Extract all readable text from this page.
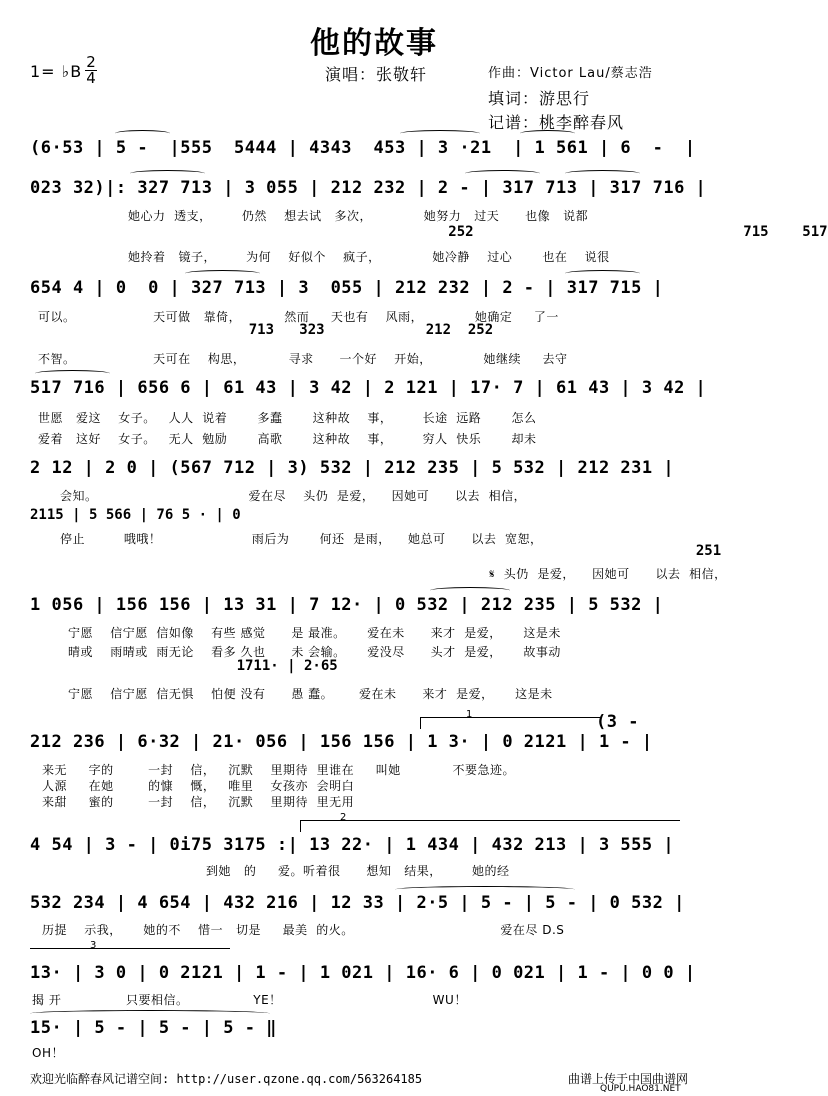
他的故事
1= ♭B 2
4	演唱：张敬轩	作曲：Victor Lau/蔡志浩
填词：游思行
记谱：桃李醉春风
(6·53 | 5 -  |555  5444 | 4343  453 | 3 ·21  | 1 561 | 6  -  |
023 32)|: 327 713 | 3 055 | 212 232 | 2 - | 317 713 | 317 716 |
她心力  透支，       仍然    想去试   多次，            她努力   过天      也像   说都
252                                715    517
她拎着   镜子，       为何    好似个    疯子，            她冷静    过心       也在    说很
654 4 | 0  0 | 327 713 | 3  055 | 212 232 | 2 - | 317 715 |
可以。                  天可做   靠倚，          然而     天也有    风雨，            她确定     了一
713   323            212  252
不智。                  天可在    构思，          寻求      一个好    开始，            她继续     去守
517 716 | 656 6 | 61 43 | 3 42 | 2 121 | 17· 7 | 61 43 | 3 42 |
世愿   爱这    女子。   人人  说着       多蠢       这种故    事，       长途  远路       怎么
爱着   这好    女子。   无人  勉励       高歌       这种故    事，       穷人  快乐       却未
2 12 | 2 0 | (567 712 | 3) 532 | 212 235 | 5 532 | 212 231 |
会知。                                   爱在尽    头仍  是爱，    因她可      以去  相信，
2115 | 5 566 | 76 5 · | 0
停止         哦哦！                     雨后为       何还  是雨，    她总可      以去  宽恕，
251
𝄋  头仍  是爱，    因她可      以去  相信，
1 056 | 156 156 | 13 31 | 7 12· | 0 532 | 212 235 | 5 532 |
宁愿    信宁愿  信如像    有些 感觉      是 最准。     爱在未      来才  是爱，     这是未
晴或    雨晴或  雨无论    看多 久也      未 会输。     爱没尽      头才  是爱，     故事动
1711· | 2·65
宁愿    信宁愿  信无惧    怕便 没有      愚 蠢。      爱在未      来才  是爱，     这是未
1	(3 -
212 236 | 6·32 | 21· 056 | 156 156 | 1 3· | 0 2121 | 1 - |
来无     字的        一封    信，   沉默    里期待  里谁在     叫她            不要急迹。
人源     在她        的慷    慨，   唯里    女孩亦  会明白
来甜     蜜的        一封    信，   沉默    里期待  里无用
2
4 54 | 3 - | 0i75 3175 :| 13 22· | 1 434 | 432 213 | 3 555 |
到她   的     爱。听着很      想知   结果，       她的经
532 234 | 4 654 | 432 216 | 12 33 | 2·5 | 5 - | 5 - | 0 532 |
历提    示我，     她的不    惜一   切是     最美  的火。                                  爱在尽 D.S
3
13· | 3 0 | 0 2121 | 1 - | 1 021 | 16· 6 | 0 021 | 1 - | 0 0 |
揭 开               只要相信。               YE！                                   WU！
15· | 5 - | 5 - | 5 - ‖
OH！
欢迎光临醉春风记谱空间: http://user.qzone.qq.com/563264185	曲谱上传于中国曲谱网
QUPU.HAO81.NET
